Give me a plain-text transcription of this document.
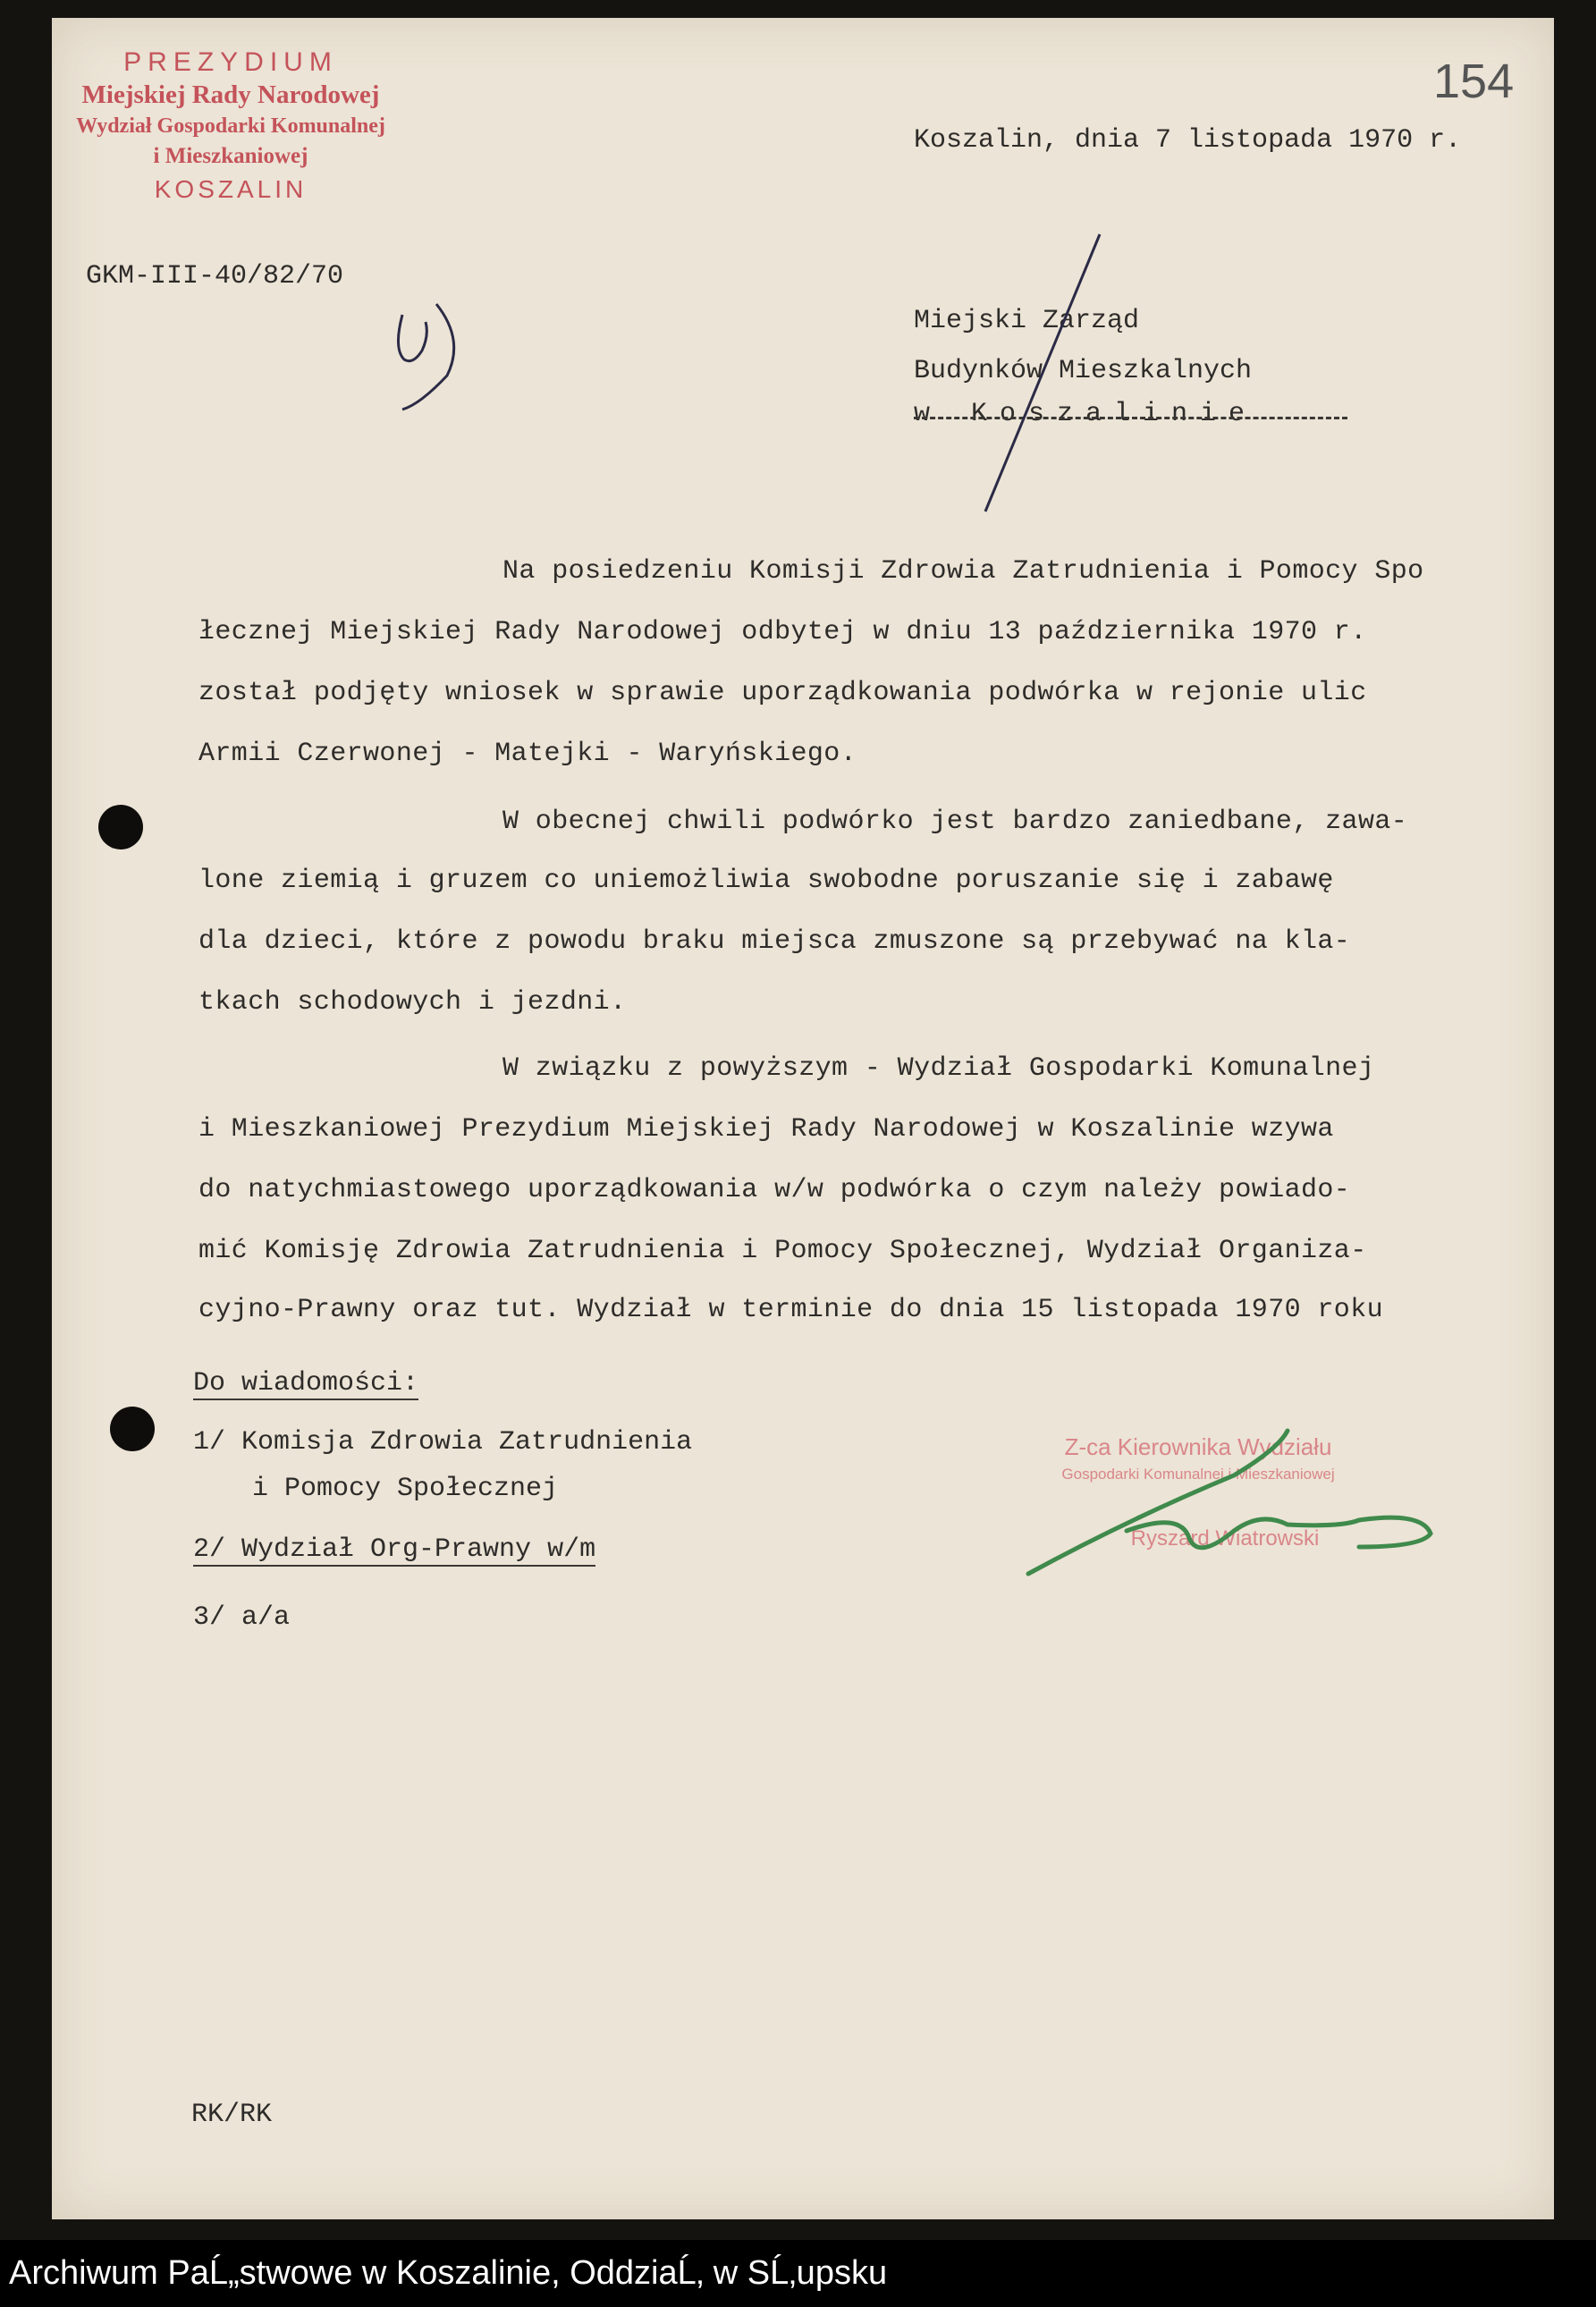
PREZYDIUM
Miejskiej Rady Narodowej
Wydział Gospodarki Komunalnej
i Mieszkaniowej
KOSZALIN
154
GKM-III-40/82/70
Koszalin, dnia 7 listopada 1970 r.
Miejski Zarząd
Budynków Mieszkalnych
w Koszalinie
Na posiedzeniu Komisji Zdrowia Zatrudnienia i Pomocy Spo
łecznej Miejskiej Rady Narodowej odbytej w dniu 13 października 1970 r.
został podjęty wniosek w sprawie uporządkowania podwórka w rejonie ulic
Armii Czerwonej - Matejki - Waryńskiego.
W obecnej chwili podwórko jest bardzo zaniedbane, zawa-
lone ziemią i gruzem co uniemożliwia swobodne poruszanie się i zabawę
dla dzieci, które z powodu braku miejsca zmuszone są przebywać na kla-
tkach schodowych i jezdni.
W związku z powyższym - Wydział Gospodarki Komunalnej
i Mieszkaniowej Prezydium Miejskiej Rady Narodowej w Koszalinie wzywa
do natychmiastowego uporządkowania w/w podwórka o czym należy powiado-
mić Komisję Zdrowia Zatrudnienia i Pomocy Społecznej, Wydział Organiza-
cyjno-Prawny oraz tut. Wydział w terminie do dnia 15 listopada 1970 roku
Do wiadomości:
1/ Komisja Zdrowia Zatrudnienia
i Pomocy Społecznej
2/ Wydział Org-Prawny w/m
3/ a/a
Z-ca Kierownika Wydziału
Gospodarki Komunalnej i Mieszkaniowej
Ryszard Wiatrowski
RK/RK
Archiwum PaĹ„stwowe w Koszalinie, OddziaĹ‚ w SĹ‚upsku
